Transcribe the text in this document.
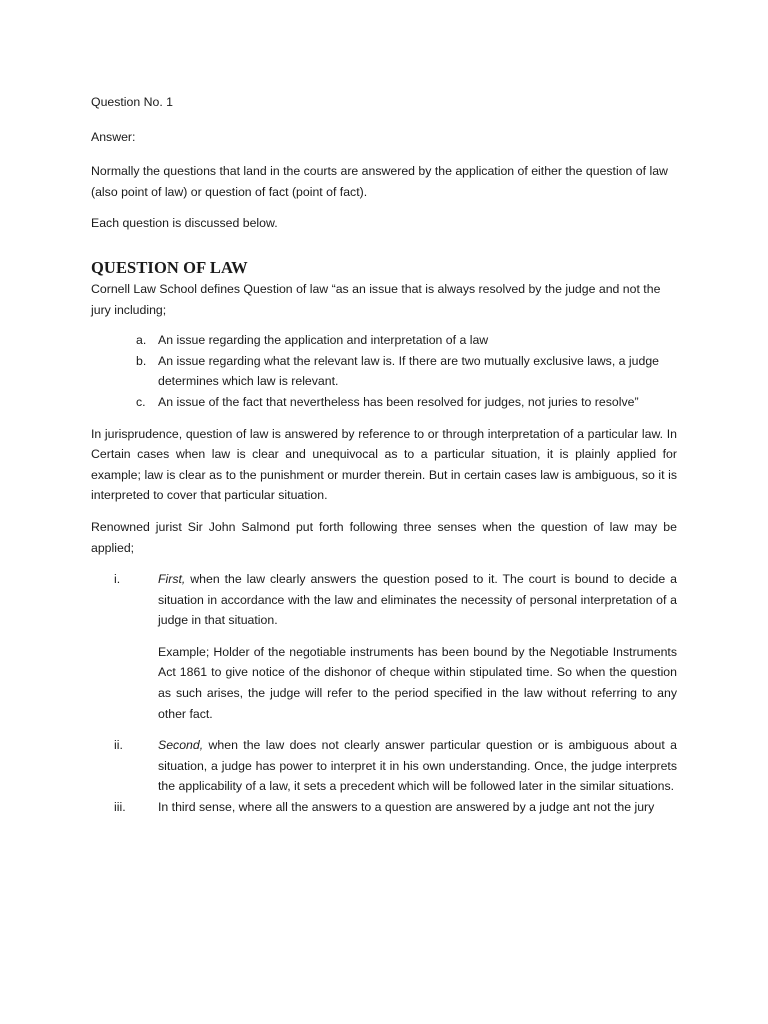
Question No. 1

Answer:

Normally the questions that land in the courts are answered by the application of either the question of law (also point of law) or question of fact (point of fact).

Each question is discussed below.

QUESTION OF LAW

Cornell Law School defines Question of law “as an issue that is always resolved by the judge and not the jury including;

a. An issue regarding the application and interpretation of a law
b. An issue regarding what the relevant law is. If there are two mutually exclusive laws, a judge determines which law is relevant.
c. An issue of the fact that nevertheless has been resolved for judges, not juries to resolve”

In jurisprudence, question of law is answered by reference to or through interpretation of a particular law. In Certain cases when law is clear and unequivocal as to a particular situation, it is plainly applied for example; law is clear as to the punishment or murder therein. But in certain cases law is ambiguous, so it is interpreted to cover that particular situation.

Renowned jurist Sir John Salmond put forth following three senses when the question of law may be applied;

i.	First, when the law clearly answers the question posed to it. The court is bound to decide a situation in accordance with the law and eliminates the necessity of personal interpretation of a judge in that situation.

Example; Holder of the negotiable instruments has been bound by the Negotiable Instruments Act 1861 to give notice of the dishonor of cheque within stipulated time. So when the question as such arises, the judge will refer to the period specified in the law without referring to any other fact.

ii.	Second, when the law does not clearly answer particular question or is ambiguous about a situation, a judge has power to interpret it in his own understanding. Once, the judge interprets the applicability of a law, it sets a precedent which will be followed later in the similar situations.

iii.	In third sense, where all the answers to a question are answered by a judge ant not the jury
